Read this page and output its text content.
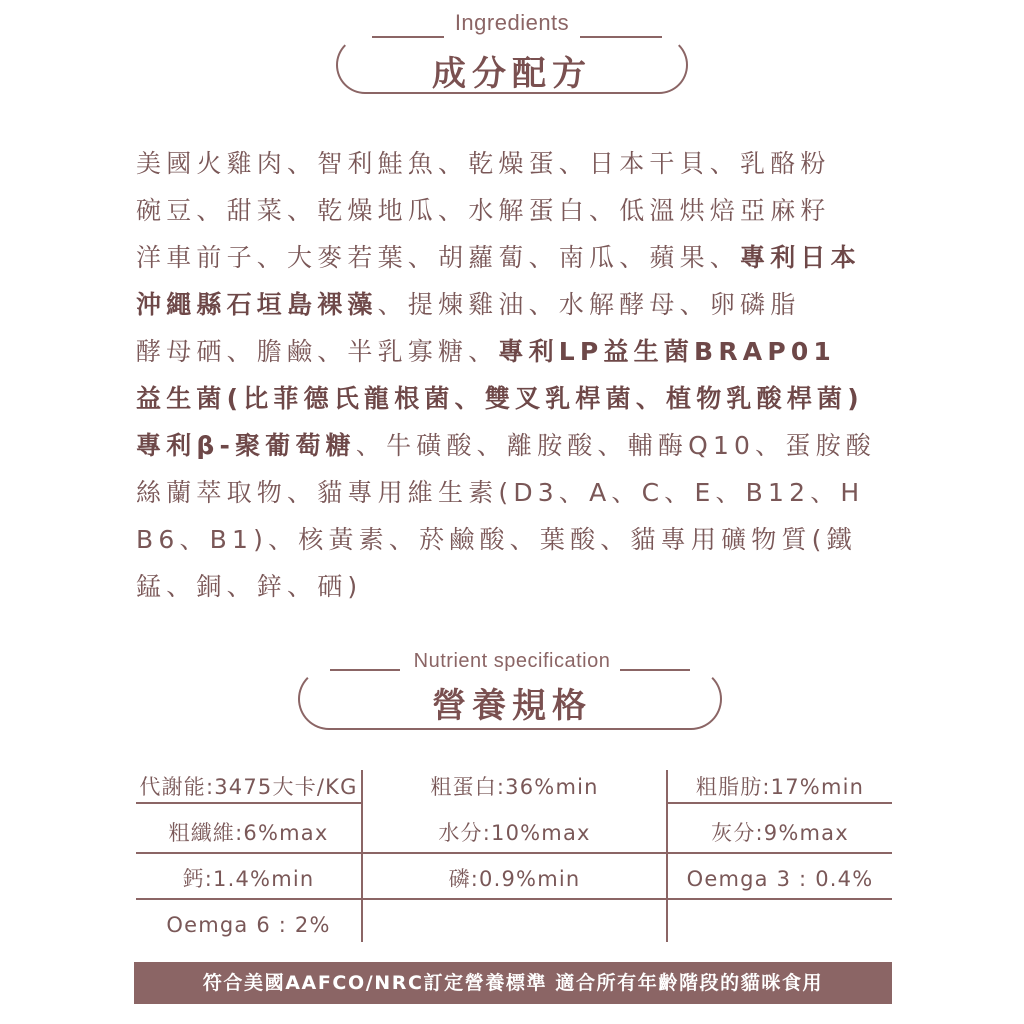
Ingredients
成分配方
美國火雞肉、智利鮭魚、乾燥蛋、日本干貝、乳酪粉
碗豆、甜菜、乾燥地瓜、水解蛋白、低溫烘焙亞麻籽
洋車前子、大麥若葉、胡蘿蔔、南瓜、蘋果、專利日本
沖繩縣石垣島裸藻、提煉雞油、水解酵母、卵磷脂
酵母硒、膽鹼、半乳寡糖、專利LP益生菌BRAP01
益生菌(比菲德氏龍根菌、雙叉乳桿菌、植物乳酸桿菌)
專利β-聚葡萄糖、牛磺酸、離胺酸、輔酶Q10、蛋胺酸
絲蘭萃取物、貓專用維生素(D3、A、C、E、B12、H
B6、B1)、核黃素、菸鹼酸、葉酸、貓專用礦物質(鐵
錳、銅、鋅、硒)
Nutrient specification
營養規格
代謝能:3475大卡/KG	粗蛋白:36%min	粗脂肪:17%min
粗纖維:6%max	水分:10%max	灰分:9%max
鈣:1.4%min	磷:0.9%min	Oemga 3 : 0.4%
Oemga 6 : 2%
符合美國AAFCO/NRC訂定營養標準 適合所有年齡階段的貓咪食用
